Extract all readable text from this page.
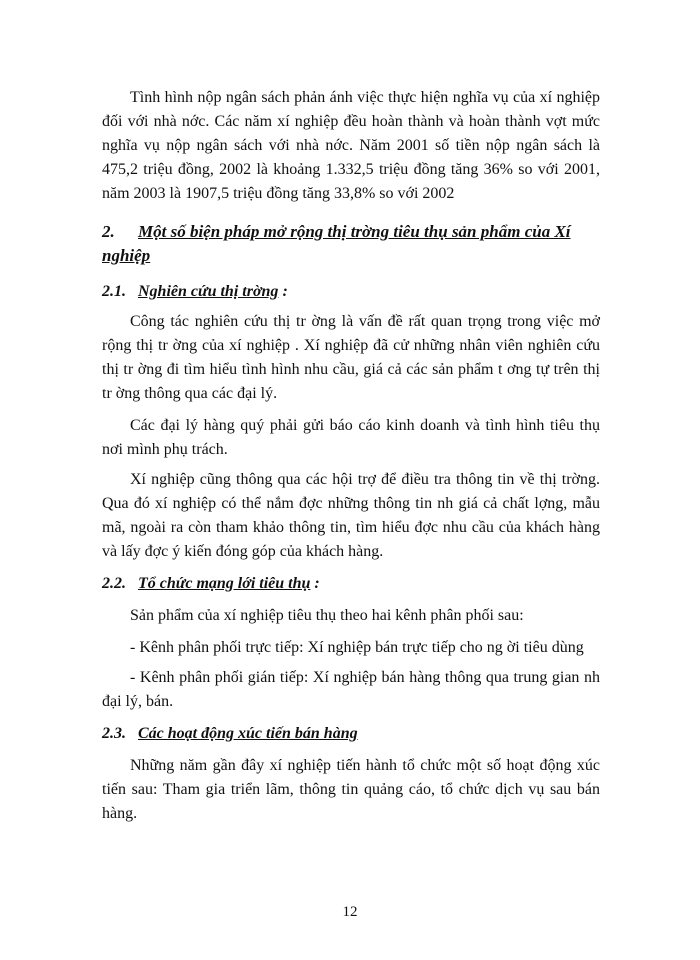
Tình hình nộp ngân sách phản ánh việc thực hiện nghĩa vụ của xí nghiệp đối với nhà nớc. Các năm xí nghiệp đều hoàn thành và hoàn thành vợt mức nghĩa vụ nộp ngân sách với nhà nớc. Năm 2001 số tiền nộp ngân sách là 475,2 triệu đồng, 2002 là khoảng 1.332,5 triệu đồng tăng 36% so với 2001, năm 2003 là 1907,5 triệu đồng tăng 33,8% so với 2002

2. Một số biện pháp mở rộng thị trờng tiêu thụ sản phẩm của Xí nghiệp
2.1. Nghiên cứu thị trờng :

Công tác nghiên cứu thị tr ờng là vấn đề rất quan trọng trong việc mở rộng thị tr ờng của xí nghiệp . Xí nghiệp đã cử những nhân viên nghiên cứu thị tr ờng đi tìm hiểu tình hình nhu cầu, giá cả các sản phẩm t ơng tự trên thị tr ờng thông qua các đại lý.

Các đại lý hàng quý phải gửi báo cáo kinh doanh và tình hình tiêu thụ nơi mình phụ trách.

Xí nghiệp cũng thông qua các hội trợ để điều tra thông tin về thị trờng. Qua đó xí nghiệp có thể nắm đợc những thông tin nh giá cả chất lợng, mẫu mã, ngoài ra còn tham khảo thông tin, tìm hiểu đợc nhu cầu của khách hàng và lấy đợc ý kiến đóng góp của khách hàng.

2.2. Tổ chức mạng lới tiêu thụ :

Sản phẩm của xí nghiệp tiêu thụ theo hai kênh phân phối sau:

- Kênh phân phối trực tiếp: Xí nghiệp bán trực tiếp cho ng ời tiêu dùng

- Kênh phân phối gián tiếp: Xí nghiệp bán hàng thông qua trung gian nh đại lý, bán.

2.3. Các hoạt động xúc tiến bán hàng

Những năm gần đây xí nghiệp tiến hành tổ chức một số hoạt động xúc tiến sau: Tham gia triển lãm, thông tin quảng cáo, tổ chức dịch vụ sau bán hàng.

12
